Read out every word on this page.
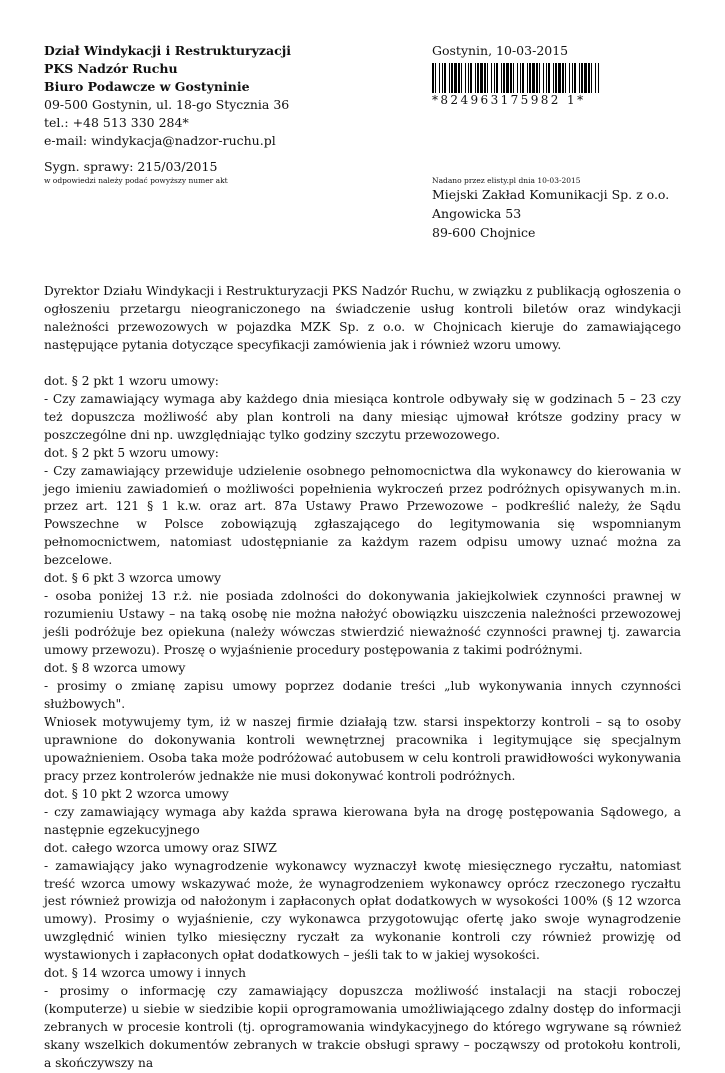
Dział Windykacji i Restrukturyzacji
PKS Nadzór Ruchu
Biuro Podawcze w Gostyninie
09-500 Gostynin, ul. 18-go Stycznia 36
tel.: +48 513 330 284*
e-mail: windykacja@nadzor-ruchu.pl
Sygn. sprawy: 215/03/2015
w odpowiedzi należy podać powyższy numer akt
Gostynin, 10-03-2015
*824963175982 1*
Nadano przez elisty.pl dnia 10-03-2015
Miejski Zakład Komunikacji Sp. z o.o.
Angowicka 53
89-600 Chojnice

Dyrektor Działu Windykacji i Restrukturyzacji PKS Nadzór Ruchu, w związku z publikacją ogłoszenia o ogłoszeniu przetargu nieograniczonego na świadczenie usług kontroli biletów oraz windykacji należności przewozowych w pojazdka MZK Sp. z o.o. w Chojnicach kieruje do zamawiającego następujące pytania dotyczące specyfikacji zamówienia jak i również wzoru umowy.

dot. § 2 pkt 1 wzoru umowy:

- Czy zamawiający wymaga aby każdego dnia miesiąca kontrole odbywały się w godzinach 5 – 23 czy też dopuszcza możliwość aby plan kontroli na dany miesiąc ujmował krótsze godziny pracy w poszczególne dni np. uwzględniając tylko godziny szczytu przewozowego.

dot. § 2 pkt 5 wzoru umowy:

- Czy zamawiający przewiduje udzielenie osobnego pełnomocnictwa dla wykonawcy do kierowania w jego imieniu zawiadomień o możliwości popełnienia wykroczeń przez podróżnych opisywanych m.in. przez art. 121 § 1 k.w. oraz art. 87a Ustawy Prawo Przewozowe – podkreślić należy, że Sądu Powszechne w Polsce zobowiązują zgłaszającego do legitymowania się wspomnianym pełnomocnictwem, natomiast udostępnianie za każdym razem odpisu umowy uznać można za bezcelowe.

dot. § 6 pkt 3 wzorca umowy

- osoba poniżej 13 r.ż. nie posiada zdolności do dokonywania jakiejkolwiek czynności prawnej w rozumieniu Ustawy – na taką osobę nie można nałożyć obowiązku uiszczenia należności przewozowej jeśli podróżuje bez opiekuna (należy wówczas stwierdzić nieważność czynności prawnej tj. zawarcia umowy przewozu). Proszę o wyjaśnienie procedury postępowania z takimi podróżnymi.

dot. § 8 wzorca umowy

- prosimy o zmianę zapisu umowy poprzez dodanie treści „lub wykonywania innych czynności służbowych".

Wniosek motywujemy tym, iż w naszej firmie działają tzw. starsi inspektorzy kontroli – są to osoby uprawnione do dokonywania kontroli wewnętrznej pracownika i legitymujące się specjalnym upoważnieniem. Osoba taka może podróżować autobusem w celu kontroli prawidłowości wykonywania pracy przez kontrolerów jednakże nie musi dokonywać kontroli podróżnych.

dot. § 10 pkt 2 wzorca umowy

- czy zamawiający wymaga aby każda sprawa kierowana była na drogę postępowania Sądowego, a następnie egzekucyjnego

dot. całego wzorca umowy oraz SIWZ

- zamawiający jako wynagrodzenie wykonawcy wyznaczył kwotę miesięcznego ryczałtu, natomiast treść wzorca umowy wskazywać może, że wynagrodzeniem wykonawcy oprócz rzeczonego ryczałtu jest również prowizja od nałożonym i zapłaconych opłat dodatkowych w wysokości 100% (§ 12 wzorca umowy). Prosimy o wyjaśnienie, czy wykonawca przygotowując ofertę jako swoje wynagrodzenie uwzględnić winien tylko miesięczny ryczałt za wykonanie kontroli czy również prowizję od wystawionych i zapłaconych opłat dodatkowych – jeśli tak to w jakiej wysokości.

dot. § 14 wzorca umowy i innych

- prosimy o informację czy zamawiający dopuszcza możliwość instalacji na stacji roboczej (komputerze) u siebie w siedzibie kopii oprogramowania umożliwiającego zdalny dostęp do informacji zebranych w procesie kontroli (tj. oprogramowania windykacyjnego do którego wgrywane są również skany wszelkich dokumentów zebranych w trakcie obsługi sprawy – począwszy od protokołu kontroli, a skończywszy na
